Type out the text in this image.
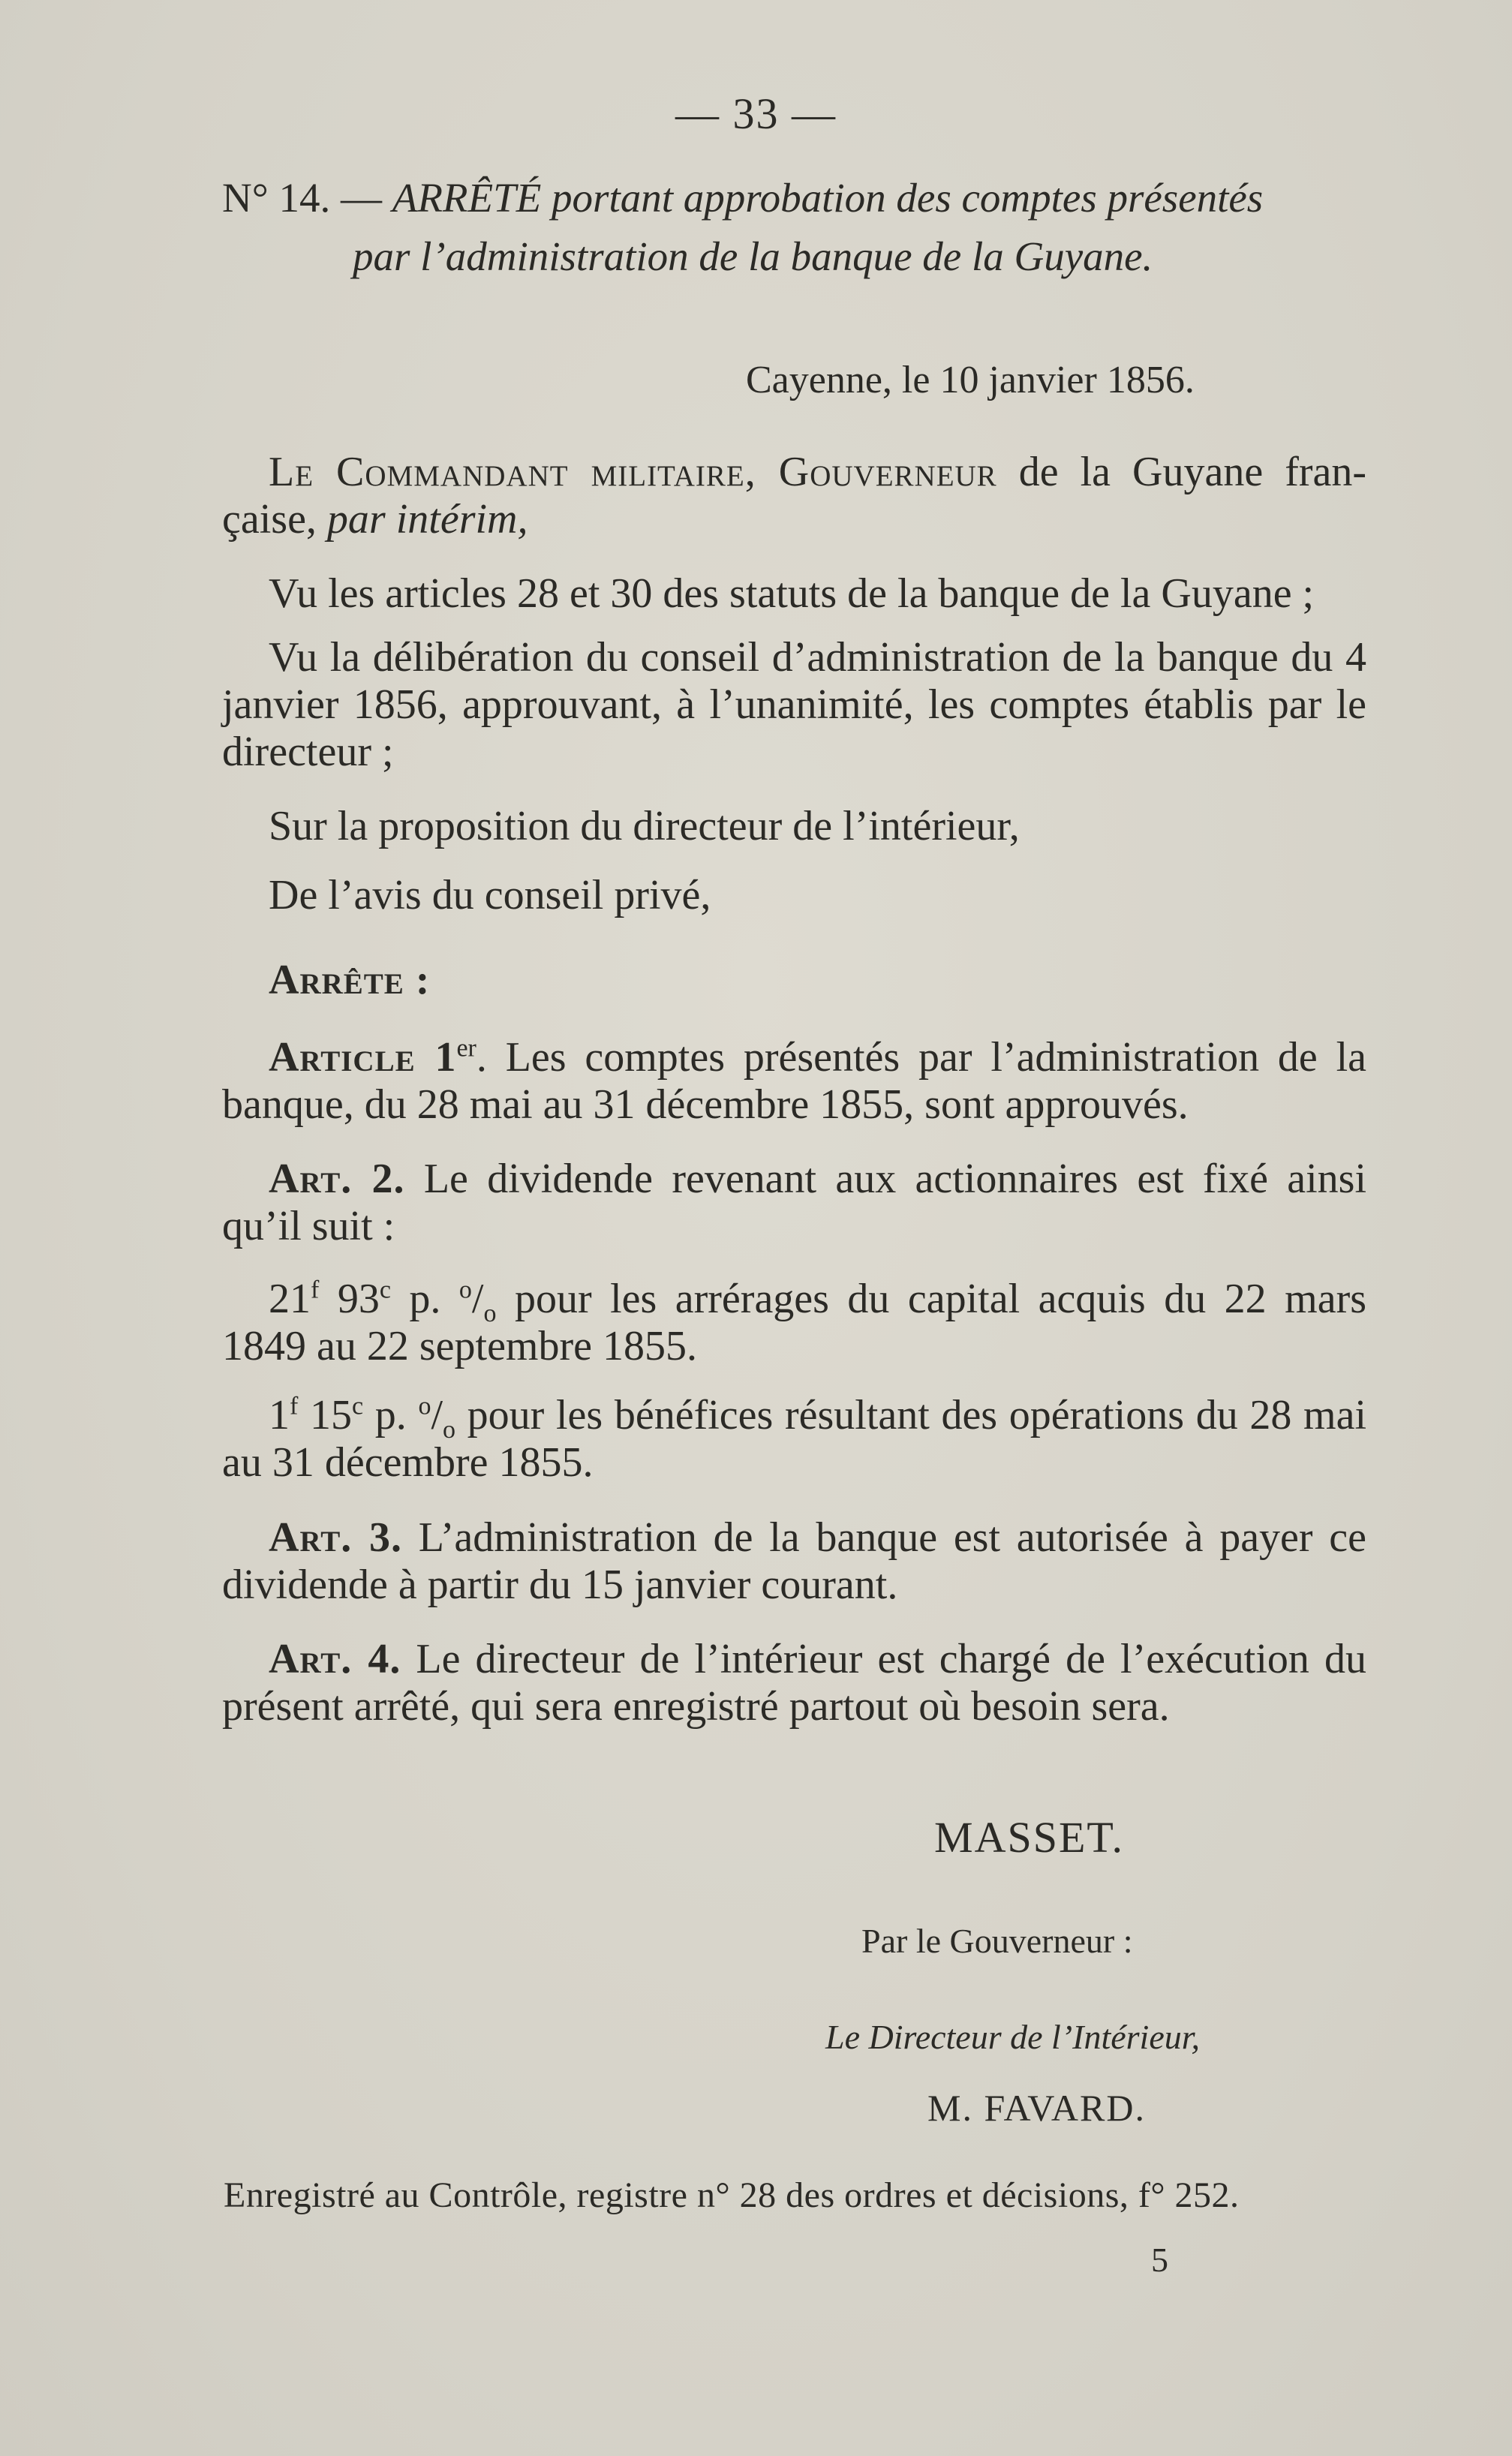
— 33 —
N° 14. — ARRÊTÉ portant approbation des comptes présentés
par l’administration de la banque de la Guyane.
Cayenne, le 10 janvier 1856.
Le Commandant militaire, Gouverneur de la Guyane fran-çaise, par intérim,
Vu les articles 28 et 30 des statuts de la banque de la Guyane ;
Vu la délibération du conseil d’administration de la banque du 4 janvier 1856, approuvant, à l’unanimité, les comptes établis par le directeur ;
Sur la proposition du directeur de l’intérieur,
De l’avis du conseil privé,
Arrête :
Article 1er. Les comptes présentés par l’administration de la banque, du 28 mai au 31 décembre 1855, sont approuvés.
Art. 2. Le dividende revenant aux actionnaires est fixé ainsi qu’il suit :
21$^f$ 93$^c$ p. $^o/_o$ pour les arrérages du capital acquis du 22 mars 1849 au 22 septembre 1855.
1$^f$ 15$^c$ p. $^o/_o$ pour les bénéfices résultant des opérations du 28 mai au 31 décembre 1855.
Art. 3. L’administration de la banque est autorisée à payer ce dividende à partir du 15 janvier courant.
Art. 4. Le directeur de l’intérieur est chargé de l’exécution du présent arrêté, qui sera enregistré partout où besoin sera.
MASSET.
Par le Gouverneur :
Le Directeur de l’Intérieur,
M. FAVARD.
Enregistré au Contrôle, registre n° 28 des ordres et décisions, f° 252.
5
